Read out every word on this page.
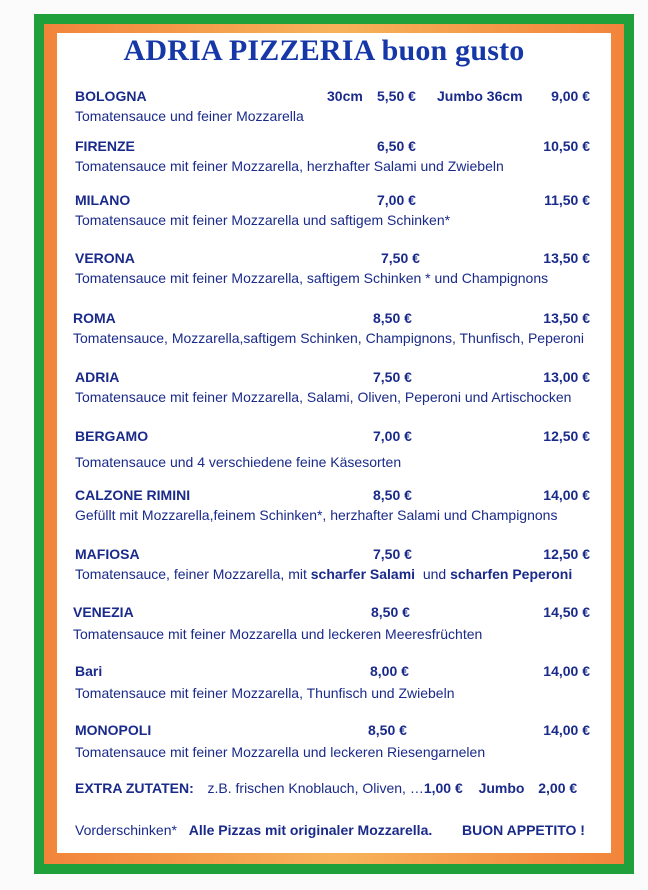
ADRIA PIZZERIA buon gusto
BOLOGNA	30cm 5,50 € Jumbo 36cm 9,00 €
Tomatensauce und feiner Mozzarella
FIRENZE	6,50 €	10,50 €
Tomatensauce mit feiner Mozzarella, herzhafter Salami und Zwiebeln
MILANO	7,00 €	11,50 €
Tomatensauce mit feiner Mozzarella und saftigem Schinken*
VERONA	7,50 €	13,50 €
Tomatensauce mit feiner Mozzarella, saftigem Schinken * und Champignons
ROMA	8,50 €	13,50 €
Tomatensauce, Mozzarella,saftigem Schinken, Champignons, Thunfisch, Peperoni
ADRIA	7,50 €	13,00 €
Tomatensauce mit feiner Mozzarella, Salami, Oliven, Peperoni und Artischocken
BERGAMO	7,00 €	12,50 €
Tomatensauce und 4 verschiedene feine Käsesorten
CALZONE RIMINI	8,50 €	14,00 €
Gefüllt mit Mozzarella,feinem Schinken*, herzhafter Salami und Champignons
MAFIOSA	7,50 €	12,50 €
Tomatensauce, feiner Mozzarella, mit scharfer Salami  und scharfen Peperoni
VENEZIA	8,50 €	14,50 €
Tomatensauce mit feiner Mozzarella und leckeren Meeresfrüchten
Bari	8,00 €	14,00 €
Tomatensauce mit feiner Mozzarella, Thunfisch und Zwiebeln
MONOPOLI	8,50 €	14,00 €
Tomatensauce mit feiner Mozzarella und leckeren Riesengarnelen
EXTRA ZUTATEN: z.B. frischen Knoblauch, Oliven, …1,00 € Jumbo 2,00 €
Vorderschinken* Alle Pizzas mit originaler Mozzarella. BUON APPETITO !
